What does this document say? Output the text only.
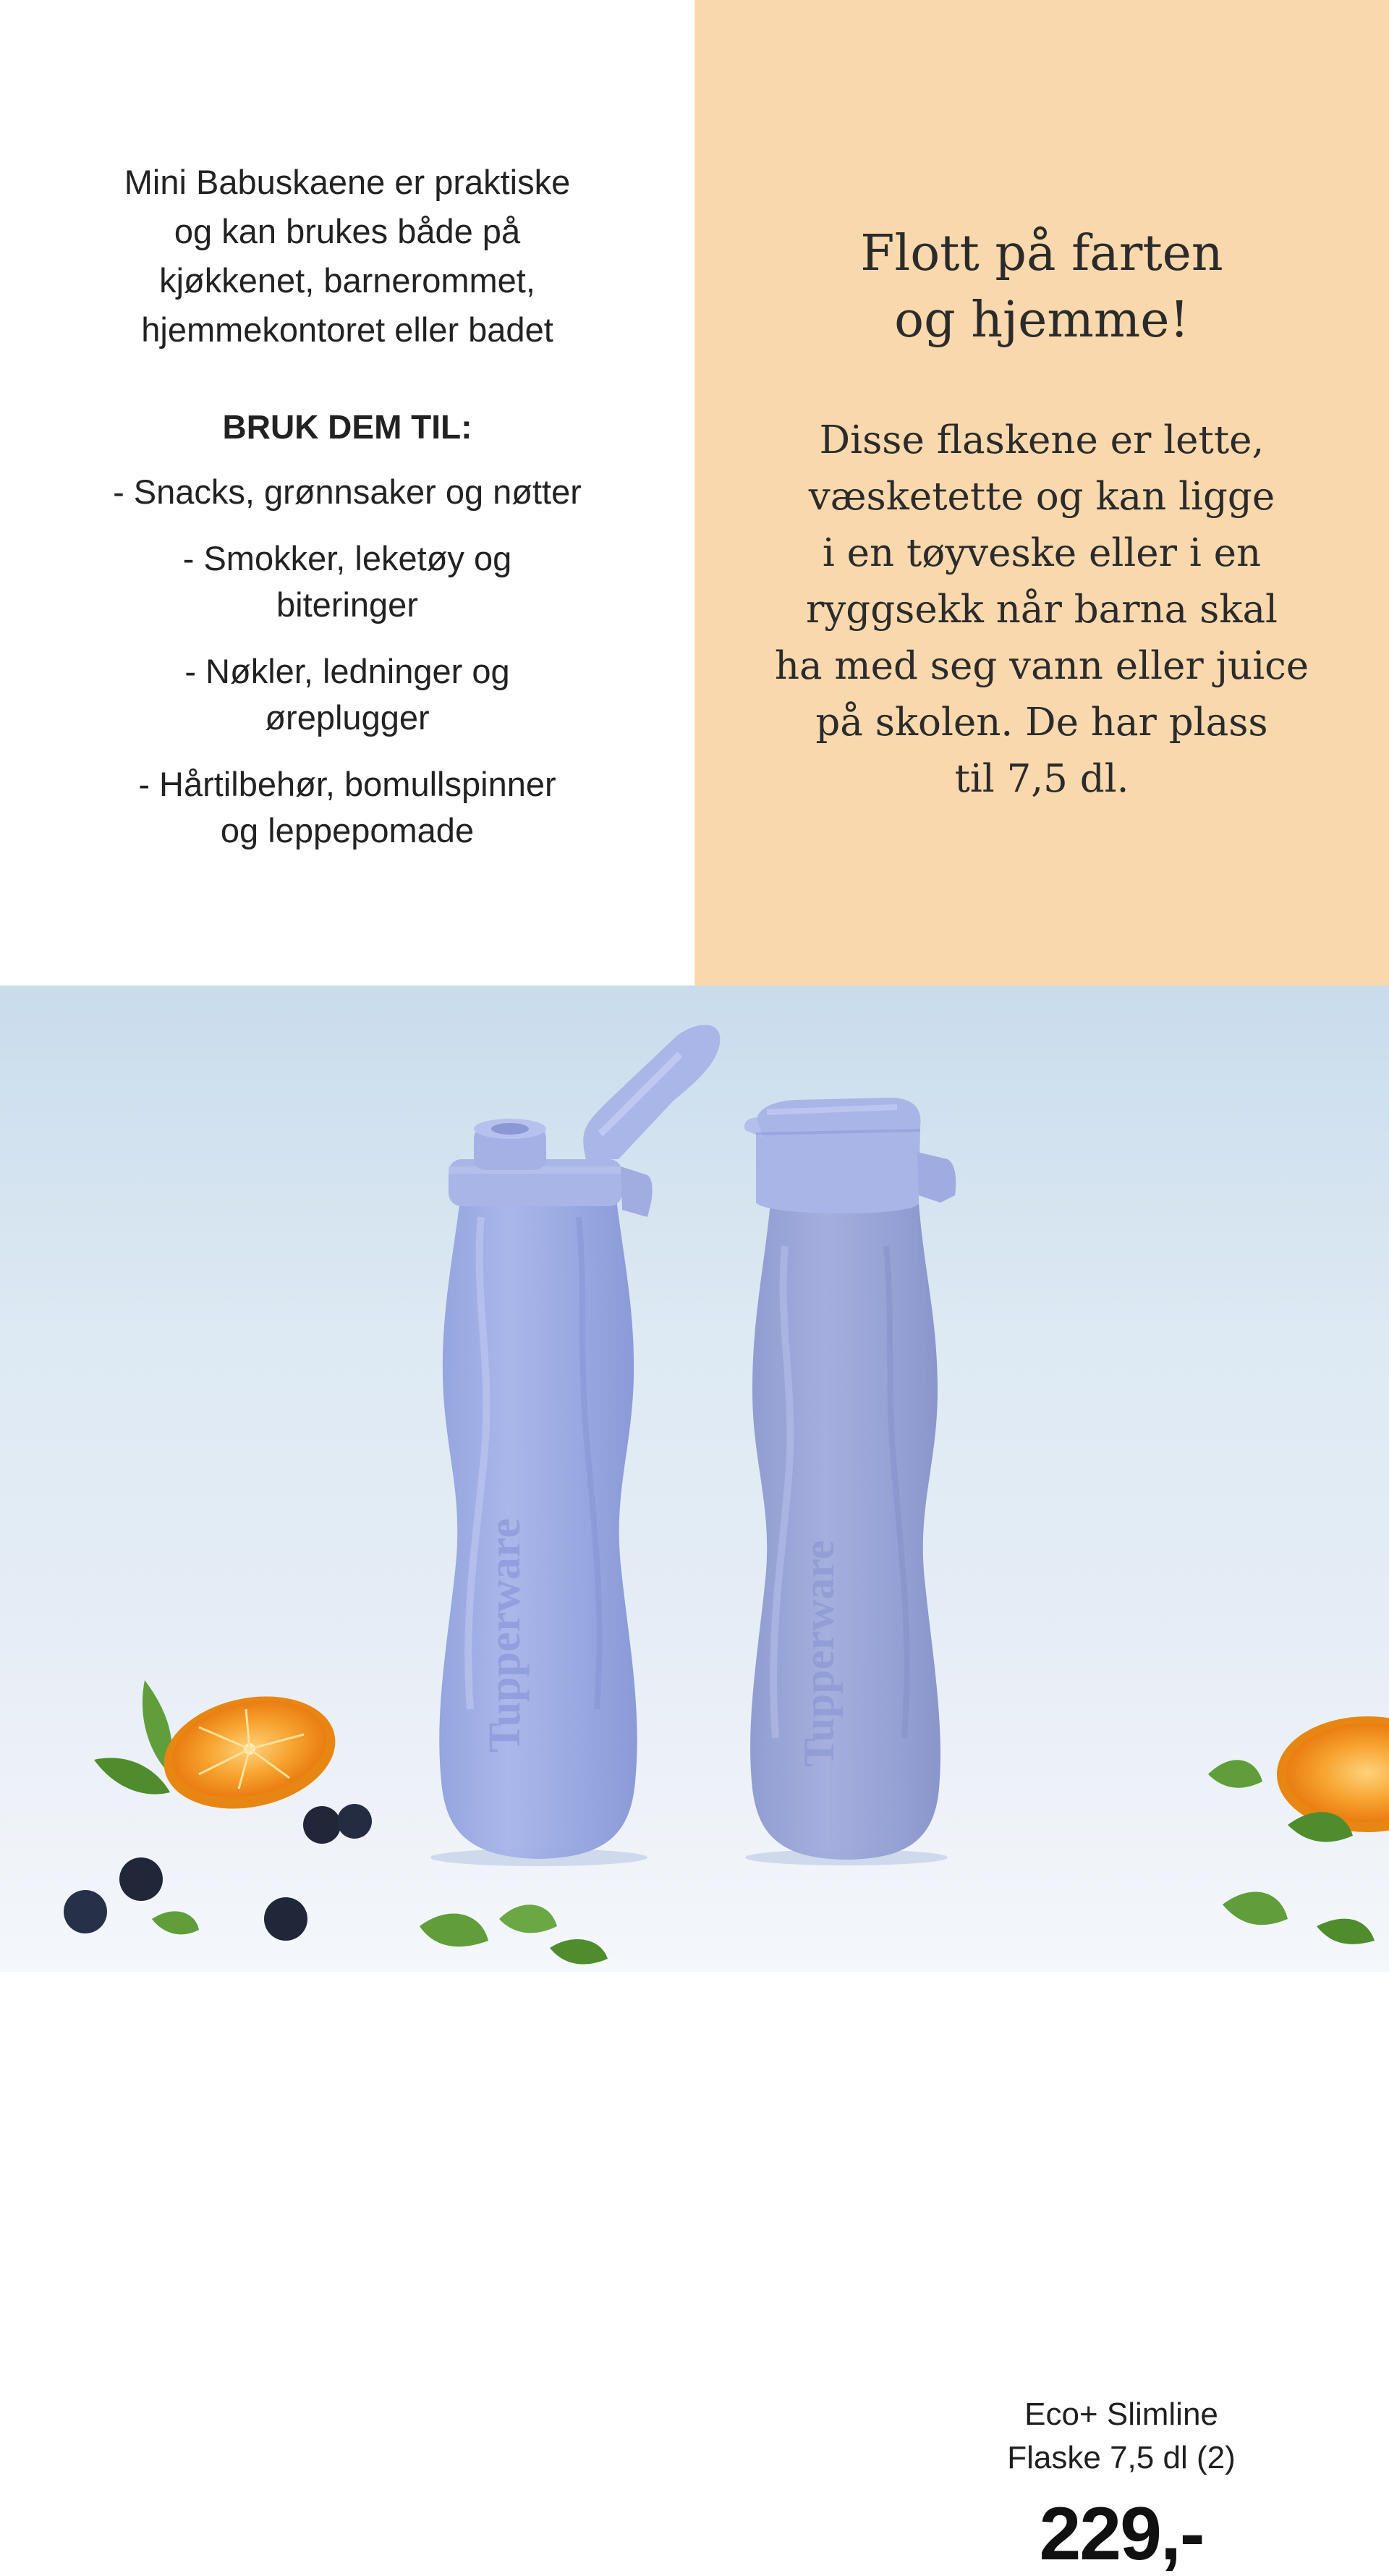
Mini Babuskaene er praktiske
og kan brukes både på
kjøkkenet, barnerommet,
hjemmekontoret eller badet

BRUK DEM TIL:
- Snacks, grønnsaker og nøtter
- Smokker, leketøy og
biteringer
- Nøkler, ledninger og
øreplugger
- Hårtilbehør, bomullspinner
og leppepomade
Flott på farten
og hjemme!

Disse flaskene er lette,
væsketette og kan ligge
i en tøyveske eller i en
ryggsekk når barna skal
ha med seg vann eller juice
på skolen. De har plass
til 7,5 dl.

Tupperware	Tupperware

Eco+ Slimline
Flaske 7,5 dl (2)

229,-
